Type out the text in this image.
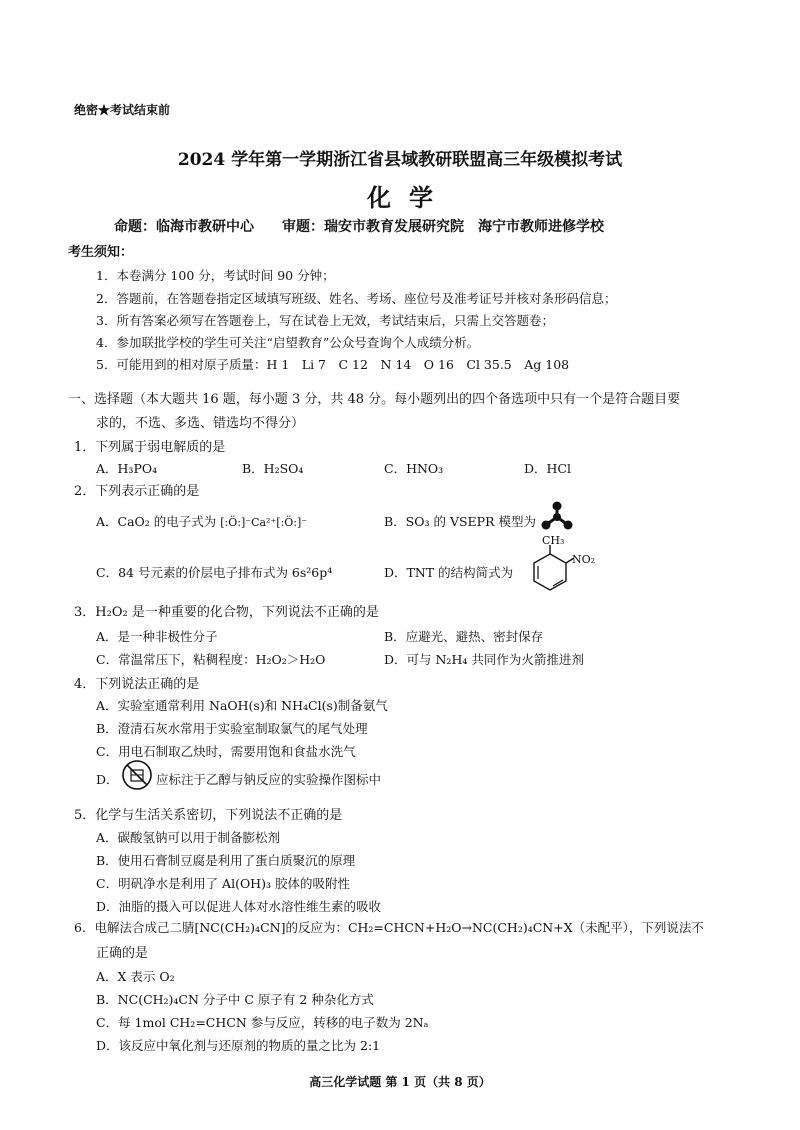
绝密★考试结束前
2024 学年第一学期浙江省县域教研联盟高三年级模拟考试
化学
命题：临海市教研中心　　审题：瑞安市教育发展研究院　海宁市教师进修学校
考生须知：
1．本卷满分 100 分，考试时间 90 分钟；
2．答题前，在答题卷指定区域填写班级、姓名、考场、座位号及准考证号并核对条形码信息；
3．所有答案必须写在答题卷上，写在试卷上无效，考试结束后，只需上交答题卷；
4．参加联批学校的学生可关注“启望教育”公众号查询个人成绩分析。
5．可能用到的相对原子质量：H 1　Li 7　C 12　N 14　O 16　Cl 35.5　Ag 108
一、选择题（本大题共 16 题，每小题 3 分，共 48 分。每小题列出的四个备选项中只有一个是符合题目要
求的，不选、多选、错选均不得分）
1．下列属于弱电解质的是
A．H₃PO₄	B．H₂SO₄	C．HNO₃	D．HCl
2．下列表示正确的是
A．CaO₂ 的电子式为 [:Ö:]⁻Ca²⁺[:Ö:]⁻	B．SO₃ 的 VSEPR 模型为
C．84 号元素的价层电子排布式为 6s²6p⁴	D．TNT 的结构简式为
CH₃
NO₂
3．H₂O₂ 是一种重要的化合物，下列说法不正确的是
A．是一种非极性分子	B．应避光、避热、密封保存
C．常温常压下，粘稠程度：H₂O₂＞H₂O	D．可与 N₂H₄ 共同作为火箭推进剂
4．下列说法正确的是
A．实验室通常利用 NaOH(s)和 NH₄Cl(s)制备氨气
B．澄清石灰水常用于实验室制取氯气的尾气处理
C．用电石制取乙炔时，需要用饱和食盐水洗气
D．	应标注于乙醇与钠反应的实验操作图标中
5．化学与生活关系密切，下列说法不正确的是
A．碳酸氢钠可以用于制备膨松剂
B．使用石膏制豆腐是利用了蛋白质聚沉的原理
C．明矾净水是利用了 Al(OH)₃ 胶体的吸附性
D．油脂的摄入可以促进人体对水溶性维生素的吸收
6．电解法合成己二腈[NC(CH₂)₄CN]的反应为：CH₂=CHCN+H₂O→NC(CH₂)₄CN+X（未配平），下列说法不
正确的是
A．X 表示 O₂
B．NC(CH₂)₄CN 分子中 C 原子有 2 种杂化方式
C．每 1mol CH₂=CHCN 参与反应，转移的电子数为 2Nₐ
D．该反应中氧化剂与还原剂的物质的量之比为 2:1
高三化学试题 第 1 页（共 8 页）
